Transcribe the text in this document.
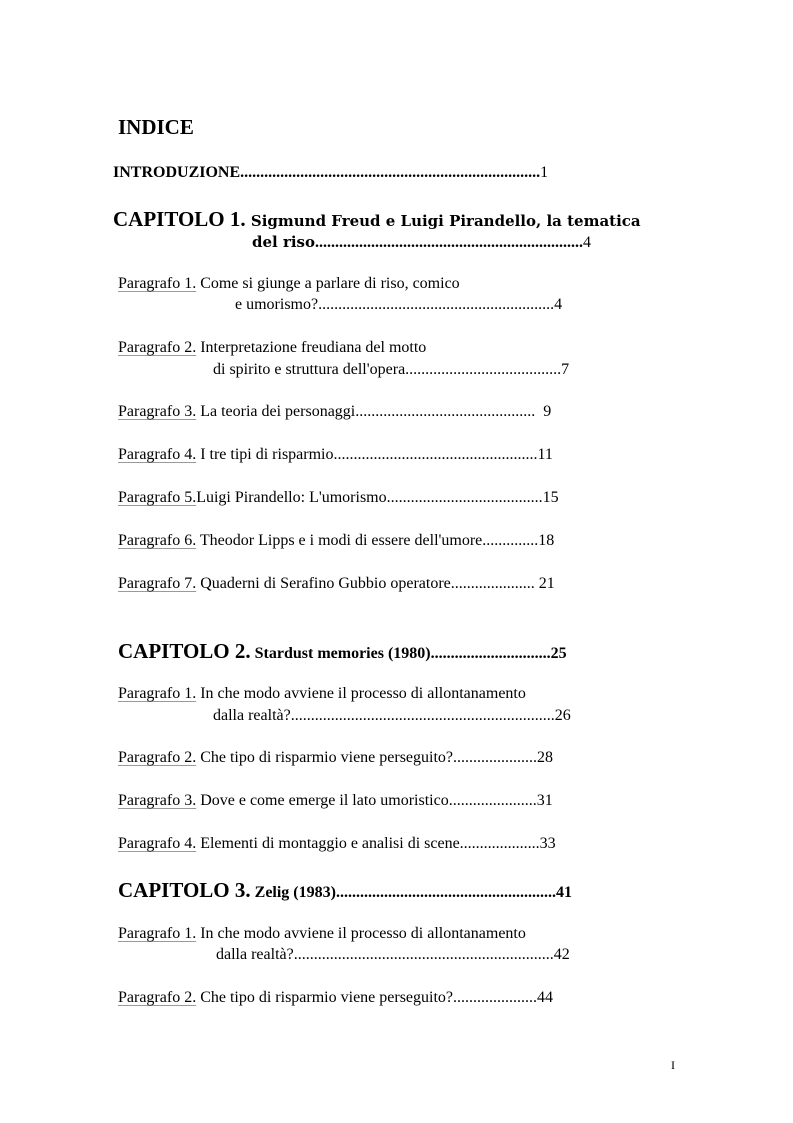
INDICE
INTRODUZIONE...........................................................................1
CAPITOLO 1. Sigmund Freud e Luigi Pirandello, la tematica
del riso...................................................................4
Paragrafo 1. Come si giunge a parlare di riso, comico
e umorismo?...........................................................4
Paragrafo 2. Interpretazione freudiana del motto
di spirito e struttura dell'opera.......................................7
Paragrafo 3. La teoria dei personaggi.............................................  9
Paragrafo 4. I tre tipi di risparmio...................................................11
Paragrafo 5.Luigi Pirandello: L'umorismo.......................................15
Paragrafo 6. Theodor Lipps e i modi di essere dell'umore..............18
Paragrafo 7. Quaderni di Serafino Gubbio operatore..................... 21
CAPITOLO 2. Stardust memories (1980)..............................25
Paragrafo 1. In che modo avviene il processo di allontanamento
dalla realtà?..................................................................26
Paragrafo 2. Che tipo di risparmio viene perseguito?.....................28
Paragrafo 3. Dove e come emerge il lato umoristico......................31
Paragrafo 4. Elementi di montaggio e analisi di scene....................33
CAPITOLO 3. Zelig (1983).......................................................41
Paragrafo 1. In che modo avviene il processo di allontanamento
dalla realtà?.................................................................42
Paragrafo 2. Che tipo di risparmio viene perseguito?.....................44
I
